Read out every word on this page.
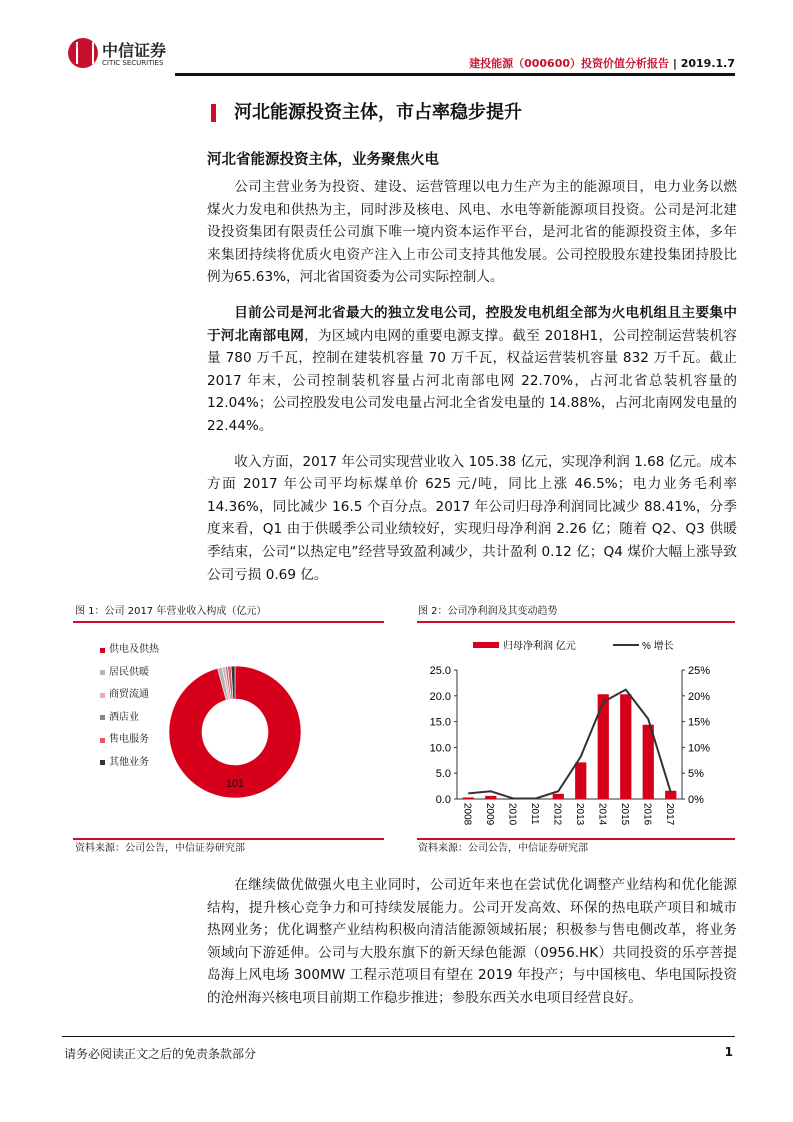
中信证券
CITIC SECURITIES	建投能源（000600）投资价值分析报告 | 2019.1.7
河北能源投资主体，市占率稳步提升
河北省能源投资主体，业务聚焦火电
公司主营业务为投资、建设、运营管理以电力生产为主的能源项目，电力业务以燃煤火力发电和供热为主，同时涉及核电、风电、水电等新能源项目投资。公司是河北建设投资集团有限责任公司旗下唯一境内资本运作平台，是河北省的能源投资主体，多年来集团持续将优质火电资产注入上市公司支持其他发展。公司控股股东建投集团持股比例为65.63%，河北省国资委为公司实际控制人。
目前公司是河北省最大的独立发电公司，控股发电机组全部为火电机组且主要集中于河北南部电网，为区域内电网的重要电源支撑。截至 2018H1，公司控制运营装机容量 780 万千瓦，控制在建装机容量 70 万千瓦，权益运营装机容量 832 万千瓦。截止 2017 年末，公司控制装机容量占河北南部电网 22.70%，占河北省总装机容量的 12.04%；公司控股发电公司发电量占河北全省发电量的 14.88%，占河北南网发电量的 22.44%。
收入方面，2017 年公司实现营业收入 105.38 亿元，实现净利润 1.68 亿元。成本方面 2017 年公司平均标煤单价 625 元/吨，同比上涨 46.5%；电力业务毛利率 14.36%，同比减少 16.5 个百分点。2017 年公司归母净利润同比减少 88.41%，分季度来看，Q1 由于供暖季公司业绩较好，实现归母净利润 2.26 亿；随着 Q2、Q3 供暖季结束，公司“以热定电”经营导致盈利减少，共计盈利 0.12 亿；Q4 煤价大幅上涨导致公司亏损 0.69 亿。
图 1：公司 2017 年营业收入构成（亿元）
供电及供热
居民供暖
商贸流通
酒店业
售电服务
其他业务
101
资料来源：公司公告，中信证券研究部
图 2：公司净利润及其变动趋势
0.0	0%
5.0	5%
10.0	10%
15.0	15%
20.0	20%
25.0	25%
2008 2009 2010 2011 2012 2013 2014 2015 2016 2017
归母净利润 亿元	% 增长
资料来源：公司公告，中信证券研究部
在继续做优做强火电主业同时，公司近年来也在尝试优化调整产业结构和优化能源结构，提升核心竞争力和可持续发展能力。公司开发高效、环保的热电联产项目和城市热网业务；优化调整产业结构积极向清洁能源领域拓展；积极参与售电侧改革，将业务领域向下游延伸。公司与大股东旗下的新天绿色能源（0956.HK）共同投资的乐亭菩提岛海上风电场 300MW 工程示范项目有望在 2019 年投产；与中国核电、华电国际投资的沧州海兴核电项目前期工作稳步推进；参股东西关水电项目经营良好。
请务必阅读正文之后的免责条款部分	1
